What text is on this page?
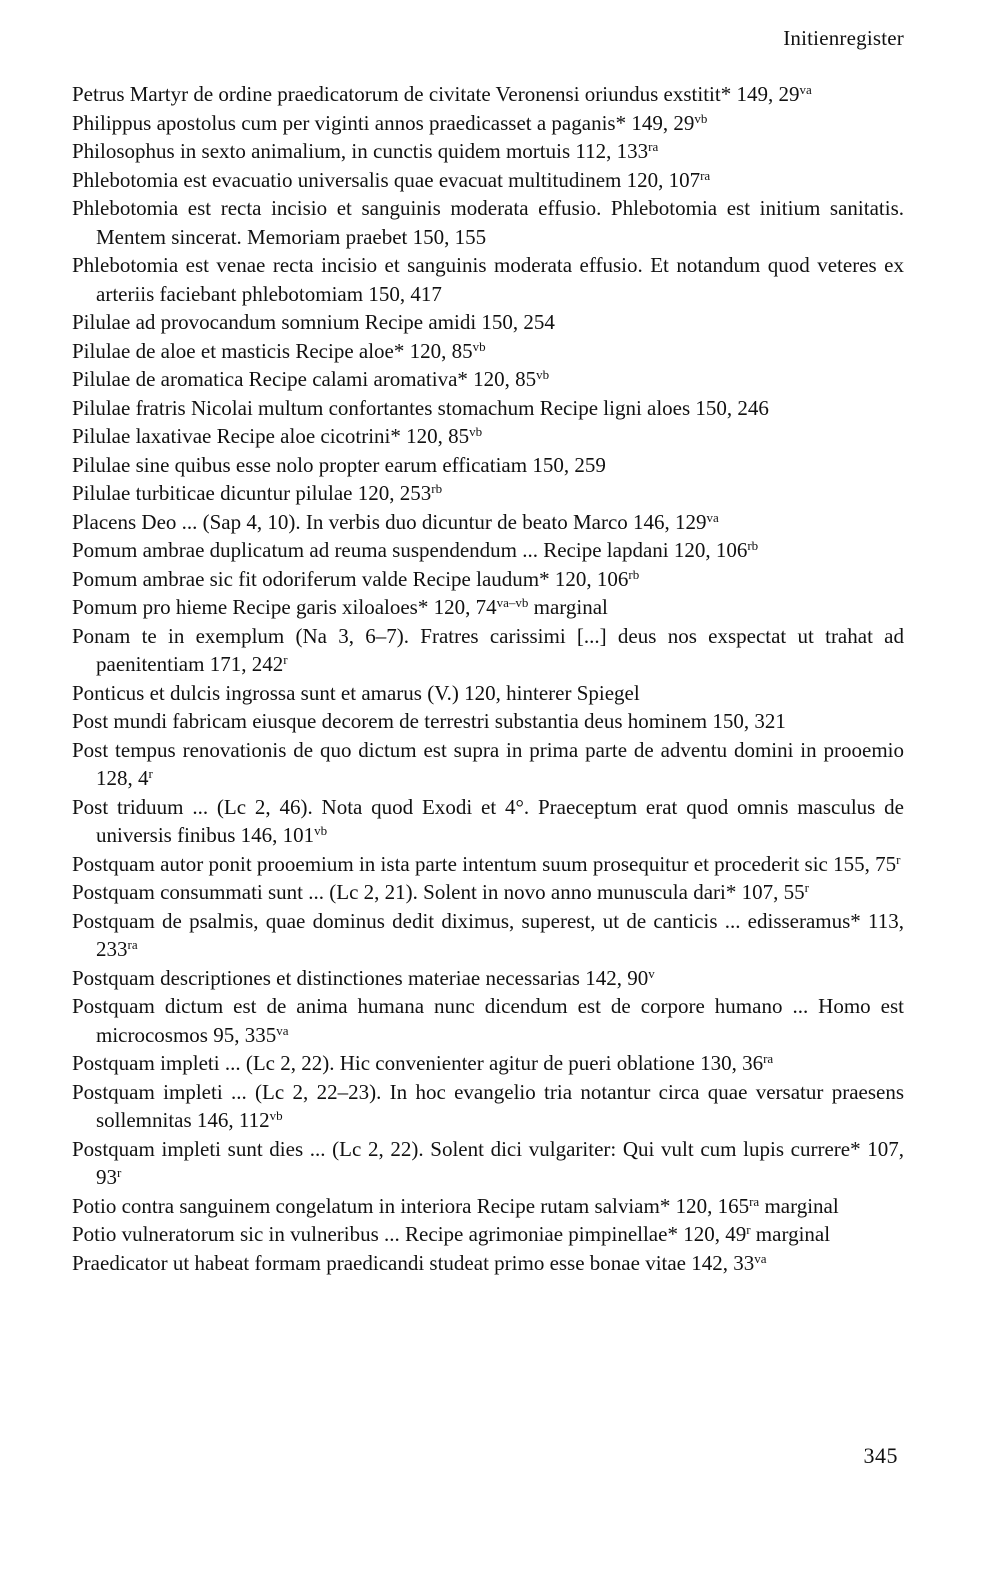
Initienregister
Petrus Martyr de ordine praedicatorum de civitate Veronensi oriundus exstitit* 149, $29^{va}$
Philippus apostolus cum per viginti annos praedicasset a paganis* 149, $29^{vb}$
Philosophus in sexto animalium, in cunctis quidem mortuis 112, $133^{ra}$
Phlebotomia est evacuatio universalis quae evacuat multitudinem 120, $107^{ra}$
Phlebotomia est recta incisio et sanguinis moderata effusio. Phlebotomia est initium sanitatis. Mentem sincerat. Memoriam praebet 150, 155
Phlebotomia est venae recta incisio et sanguinis moderata effusio. Et notandum quod veteres ex arteriis faciebant phlebotomiam 150, 417
Pilulae ad provocandum somnium Recipe amidi 150, 254
Pilulae de aloe et masticis Recipe aloe* 120, $85^{vb}$
Pilulae de aromatica Recipe calami aromativa* 120, $85^{vb}$
Pilulae fratris Nicolai multum confortantes stomachum Recipe ligni aloes 150, 246
Pilulae laxativae Recipe aloe cicotrini* 120, $85^{vb}$
Pilulae sine quibus esse nolo propter earum efficatiam 150, 259
Pilulae turbiticae dicuntur pilulae 120, $253^{rb}$
Placens Deo ... (Sap 4, 10). In verbis duo dicuntur de beato Marco 146, $129^{va}$
Pomum ambrae duplicatum ad reuma suspendendum ... Recipe lapdani 120, $106^{rb}$
Pomum ambrae sic fit odoriferum valde Recipe laudum* 120, $106^{rb}$
Pomum pro hieme Recipe garis xiloaloes* 120, $74^{va-vb}$ marginal
Ponam te in exemplum (Na 3, 6–7). Fratres carissimi [...] deus nos exspectat ut trahat ad paenitentiam 171, 242$^r$
Ponticus et dulcis ingrossa sunt et amarus (V.) 120, hinterer Spiegel
Post mundi fabricam eiusque decorem de terrestri substantia deus hominem 150, 321
Post tempus renovationis de quo dictum est supra in prima parte de adventu domini in prooemio 128, 4$^r$
Post triduum ... (Lc 2, 46). Nota quod Exodi et 4°. Praeceptum erat quod omnis masculus de universis finibus 146, $101^{vb}$
Postquam autor ponit prooemium in ista parte intentum suum prosequitur et procederit sic 155, 75$^r$
Postquam consummati sunt ... (Lc 2, 21). Solent in novo anno munuscula dari* 107, 55$^r$
Postquam de psalmis, quae dominus dedit diximus, superest, ut de canticis ... edisseramus* 113, $233^{ra}$
Postquam descriptiones et distinctiones materiae necessarias 142, 90$^v$
Postquam dictum est de anima humana nunc dicendum est de corpore humano ... Homo est microcosmos 95, $335^{va}$
Postquam impleti ... (Lc 2, 22). Hic convenienter agitur de pueri oblatione 130, $36^{ra}$
Postquam impleti ... (Lc 2, 22–23). In hoc evangelio tria notantur circa quae versatur praesens sollemnitas 146, $112^{vb}$
Postquam impleti sunt dies ... (Lc 2, 22). Solent dici vulgariter: Qui vult cum lupis currere* 107, 93$^r$
Potio contra sanguinem congelatum in interiora Recipe rutam salviam* 120, $165^{ra}$ marginal
Potio vulneratorum sic in vulneribus ... Recipe agrimoniae pimpinellae* 120, 49$^r$ marginal
Praedicator ut habeat formam praedicandi studeat primo esse bonae vitae 142, $33^{va}$
345
